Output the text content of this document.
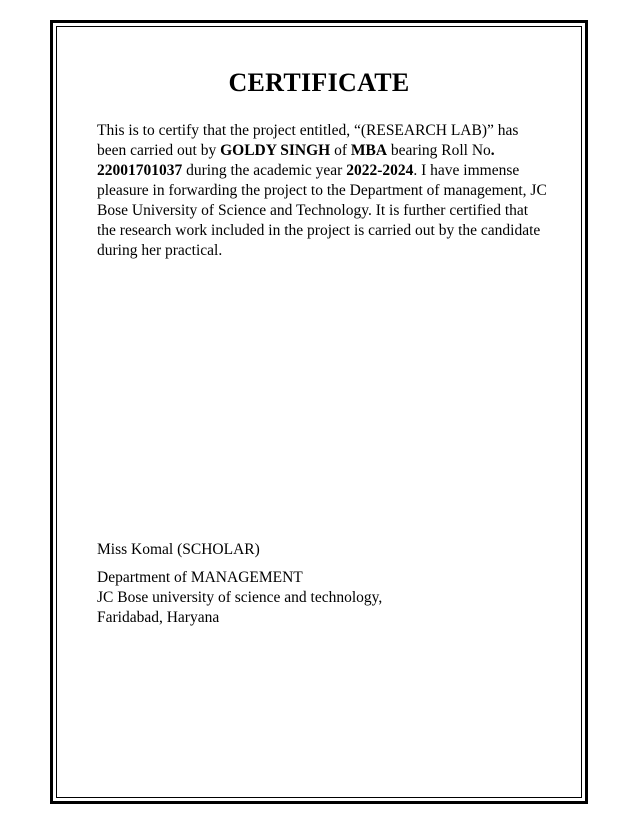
CERTIFICATE
This is to certify that the project entitled, “(RESEARCH LAB)” has been carried out by GOLDY SINGH of MBA bearing Roll No. 22001701037 during the academic year 2022-2024. I have immense pleasure in forwarding the project to the Department of management, JC Bose University of Science and Technology. It is further certified that the research work included in the project is carried out by the candidate during her practical.
Miss Komal (SCHOLAR)
Department of MANAGEMENT
JC Bose university of science and technology,
Faridabad, Haryana
